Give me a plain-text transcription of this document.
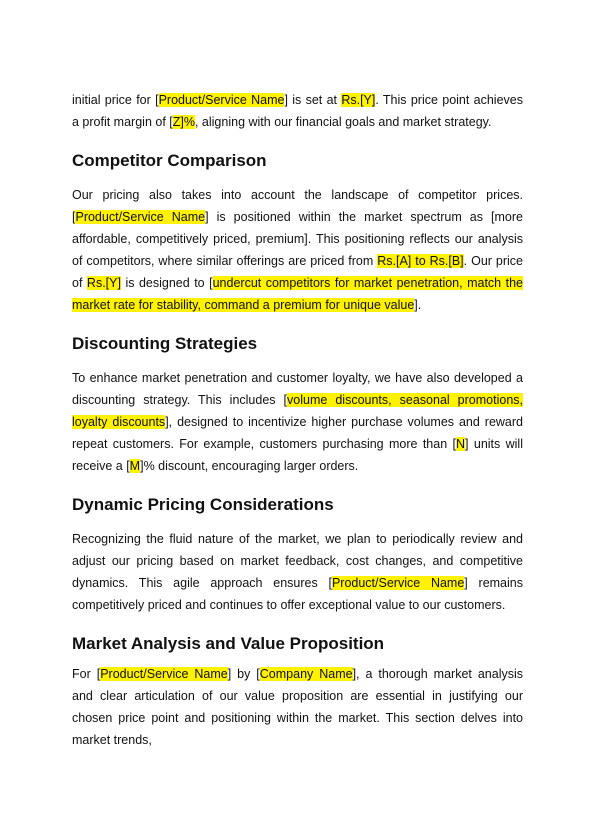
initial price for [Product/Service Name] is set at Rs.[Y]. This price point achieves a profit margin of [Z]%, aligning with our financial goals and market strategy.

Competitor Comparison

Our pricing also takes into account the landscape of competitor prices. [Product/Service Name] is positioned within the market spectrum as [more affordable, competitively priced, premium]. This positioning reflects our analysis of competitors, where similar offerings are priced from Rs.[A] to Rs.[B]. Our price of Rs.[Y] is designed to [undercut competitors for market penetration, match the market rate for stability, command a premium for unique value].

Discounting Strategies

To enhance market penetration and customer loyalty, we have also developed a discounting strategy. This includes [volume discounts, seasonal promotions, loyalty discounts], designed to incentivize higher purchase volumes and reward repeat customers. For example, customers purchasing more than [N] units will receive a [M]% discount, encouraging larger orders.

Dynamic Pricing Considerations

Recognizing the fluid nature of the market, we plan to periodically review and adjust our pricing based on market feedback, cost changes, and competitive dynamics. This agile approach ensures [Product/Service Name] remains competitively priced and continues to offer exceptional value to our customers.

Market Analysis and Value Proposition

For [Product/Service Name] by [Company Name], a thorough market analysis and clear articulation of our value proposition are essential in justifying our chosen price point and positioning within the market. This section delves into market trends,
